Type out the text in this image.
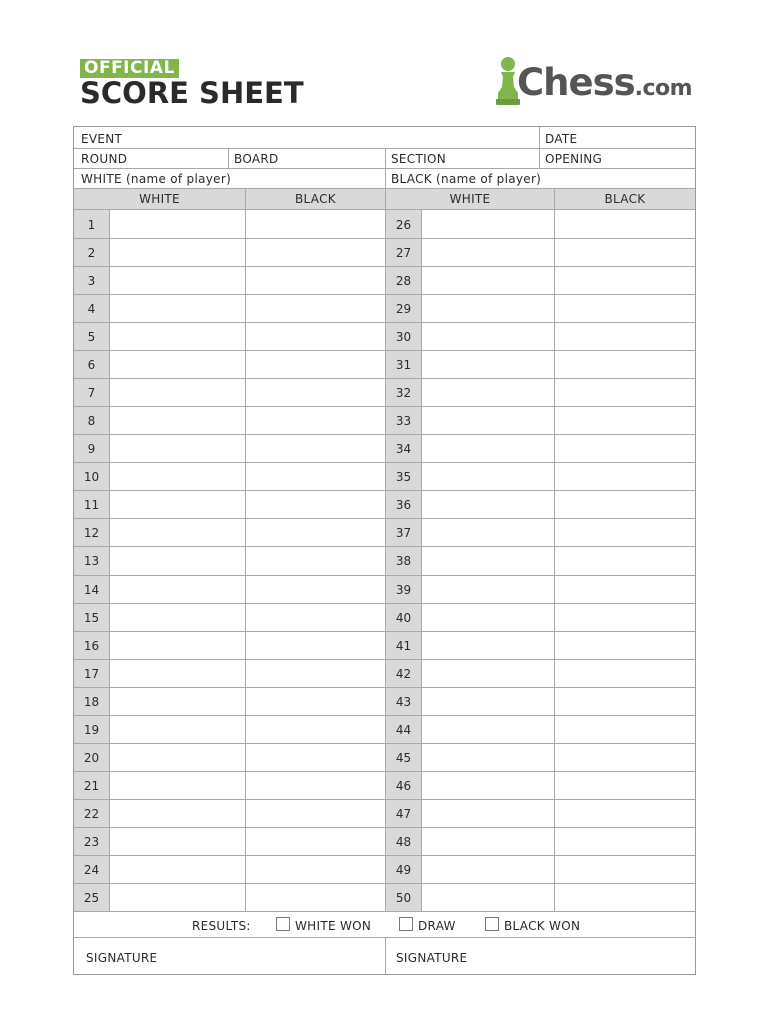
OFFICIAL
SCORE SHEET	Chess.com
EVENT	DATE
ROUND	BOARD	SECTION	OPENING
WHITE (name of player)	BLACK (name of player)
WHITE	BLACK	WHITE	BLACK
1	26
2	27
3	28
4	29
5	30
6	31
7	32
8	33
9	34
10	35
11	36
12	37
13	38
14	39
15	40
16	41
17	42
18	43
19	44
20	45
21	46
22	47
23	48
24	49
25	50
RESULTS:	WHITE WON	DRAW	BLACK WON
SIGNATURE	SIGNATURE
